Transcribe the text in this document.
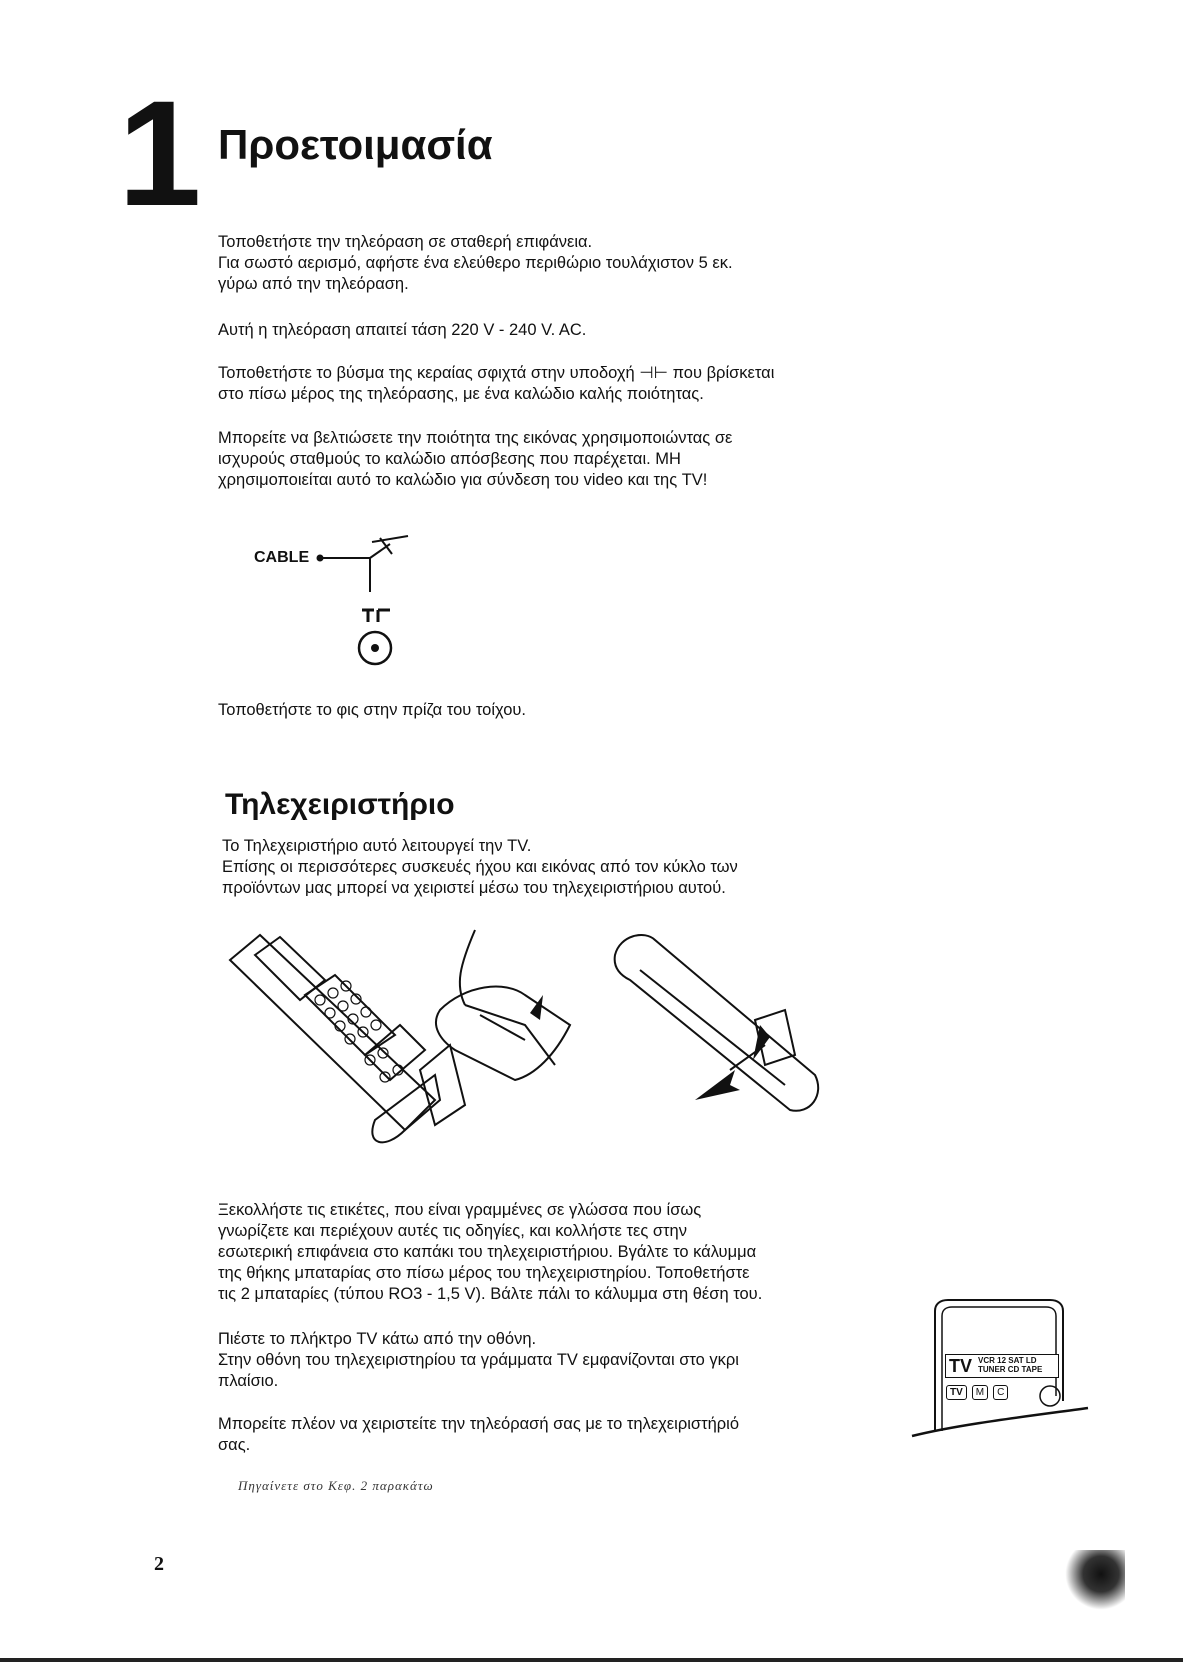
1 Προετοιμασία

Τοποθετήστε την τηλεόραση σε σταθερή επιφάνεια.
Για σωστό αερισμό, αφήστε ένα ελεύθερο περιθώριο τουλάχιστον 5 εκ.
γύρω από την τηλεόραση.

Αυτή η τηλεόραση απαιτεί τάση 220 V - 240 V. AC.

Τοποθετήστε το βύσμα της κεραίας σφιχτά στην υποδοχή ⊣⊢ που βρίσκεται
στο πίσω μέρος της τηλεόρασης, με ένα καλώδιο καλής ποιότητας.

Μπορείτε να βελτιώσετε την ποιότητα της εικόνας χρησιμοποιώντας σε
ισχυρούς σταθμούς το καλώδιο απόσβεσης που παρέχεται. ΜΗ
χρησιμοποιείται αυτό το καλώδιο για σύνδεση του video και της TV!

CABLE

Τοποθετήστε το φις στην πρίζα του τοίχου.

Τηλεχειριστήριο

Το Τηλεχειριστήριο αυτό λειτουργεί την TV.
Επίσης οι περισσότερες συσκευές ήχου και εικόνας από τον κύκλο των
προϊόντων μας μπορεί να χειριστεί μέσω του τηλεχειριστήριου αυτού.

Ξεκολλήστε τις ετικέτες, που είναι γραμμένες σε γλώσσα που ίσως
γνωρίζετε και περιέχουν αυτές τις οδηγίες, και κολλήστε τες στην
εσωτερική επιφάνεια στο καπάκι του τηλεχειριστήριου. Βγάλτε το κάλυμμα
της θήκης μπαταρίας στο πίσω μέρος του τηλεχειριστηρίου. Τοποθετήστε
τις 2 μπαταρίες (τύπου RO3 - 1,5 V). Βάλτε πάλι το κάλυμμα στη θέση του.

Πιέστε το πλήκτρο TV κάτω από την οθόνη.
Στην οθόνη του τηλεχειριστηρίου τα γράμματα TV εμφανίζονται στο γκρι
πλαίσιο.

Μπορείτε πλέον να χειριστείτε την τηλεόρασή σας με το τηλεχειριστήριό
σας.

Πηγαίνετε στο Κεφ. 2 παρακάτω
TV VCR 12 SAT LD
TUNER CD TAPE
TV	M	C
2
